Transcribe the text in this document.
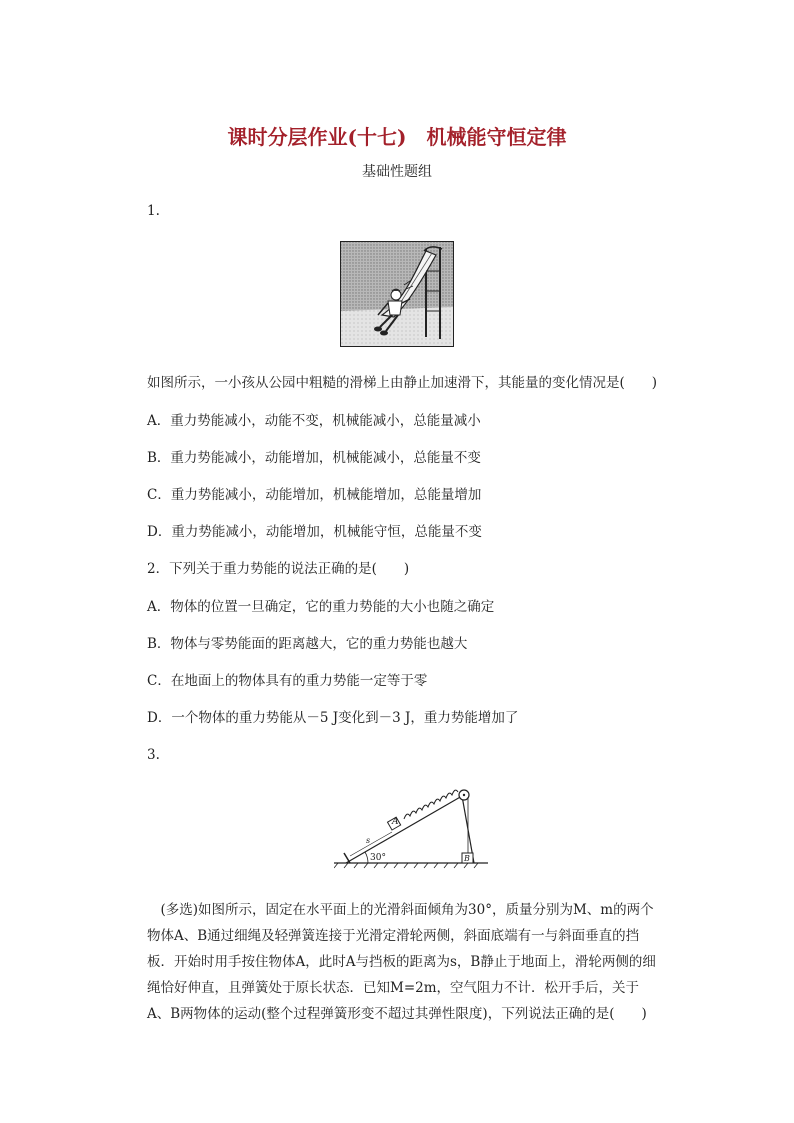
课时分层作业(十七)　机械能守恒定律
基础性题组
1.
如图所示，一小孩从公园中粗糙的滑梯上由静止加速滑下，其能量的变化情况是(　　)
A．重力势能减小，动能不变，机械能减小，总能量减小
B．重力势能减小，动能增加，机械能减小，总能量不变
C．重力势能减小，动能增加，机械能增加，总能量增加
D．重力势能减小，动能增加，机械能守恒，总能量不变
2．下列关于重力势能的说法正确的是(　　)
A．物体的位置一旦确定，它的重力势能的大小也随之确定
B．物体与零势能面的距离越大，它的重力势能也越大
C．在地面上的物体具有的重力势能一定等于零
D．一个物体的重力势能从－5 J变化到－3 J，重力势能增加了
3.
30°
s
A
B
(多选)如图所示，固定在水平面上的光滑斜面倾角为30°，质量分别为M、m的两个物体A、B通过细绳及轻弹簧连接于光滑定滑轮两侧，斜面底端有一与斜面垂直的挡板．开始时用手按住物体A，此时A与挡板的距离为s，B静止于地面上，滑轮两侧的细绳恰好伸直，且弹簧处于原长状态．已知M=2m，空气阻力不计．松开手后，关于A、B两物体的运动(整个过程弹簧形变不超过其弹性限度)，下列说法正确的是(　　)
